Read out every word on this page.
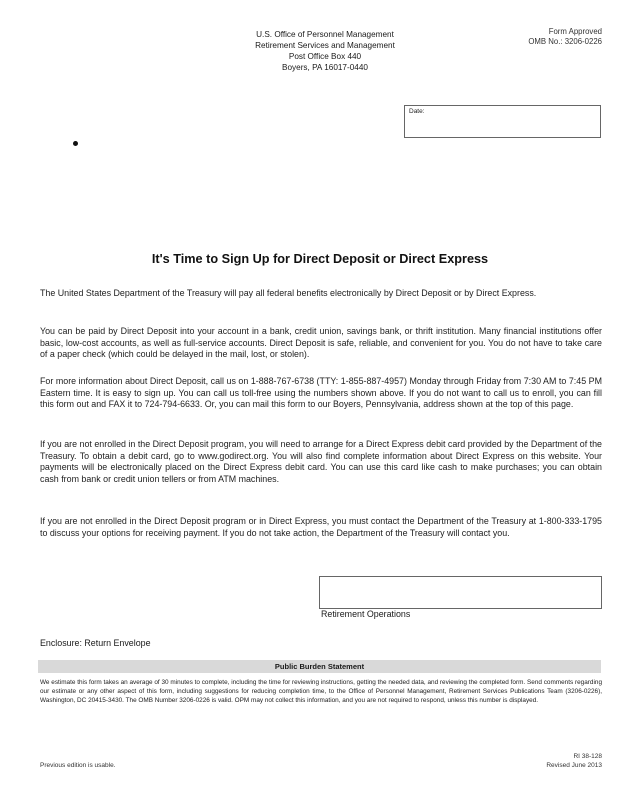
U.S. Office of Personnel Management
Retirement Services and Management
Post Office Box 440
Boyers, PA 16017-0440
Form Approved
OMB No.: 3206-0226
Date:
It's Time to Sign Up for Direct Deposit or Direct Express
The United States Department of the Treasury will pay all federal benefits electronically by Direct Deposit or by Direct Express.
You can be paid by Direct Deposit into your account in a bank, credit union, savings bank, or thrift institution. Many financial institutions offer basic, low-cost accounts, as well as full-service accounts. Direct Deposit is safe, reliable, and convenient for you. You do not have to take care of a paper check (which could be delayed in the mail, lost, or stolen).
For more information about Direct Deposit, call us on 1-888-767-6738 (TTY: 1-855-887-4957) Monday through Friday from 7:30 AM to 7:45 PM Eastern time. It is easy to sign up. You can call us toll-free using the numbers shown above. If you do not want to call us to enroll, you can fill this form out and FAX it to 724-794-6633. Or, you can mail this form to our Boyers, Pennsylvania, address shown at the top of this page.
If you are not enrolled in the Direct Deposit program, you will need to arrange for a Direct Express debit card provided by the Department of the Treasury. To obtain a debit card, go to www.godirect.org. You will also find complete information about Direct Express on this website. Your payments will be electronically placed on the Direct Express debit card. You can use this card like cash to make purchases; you can obtain cash from bank or credit union tellers or from ATM machines.
If you are not enrolled in the Direct Deposit program or in Direct Express, you must contact the Department of the Treasury at 1-800-333-1795 to discuss your options for receiving payment. If you do not take action, the Department of the Treasury will contact you.
Retirement Operations
Enclosure: Return Envelope
Public Burden Statement
We estimate this form takes an average of 30 minutes to complete, including the time for reviewing instructions, getting the needed data, and reviewing the completed form. Send comments regarding our estimate or any other aspect of this form, including suggestions for reducing completion time, to the Office of Personnel Management, Retirement Services Publications Team (3206-0226), Washington, DC 20415-3430. The OMB Number 3206-0226 is valid. OPM may not collect this information, and you are not required to respond, unless this number is displayed.
Previous edition is usable.
RI 38-128
Revised June 2013
